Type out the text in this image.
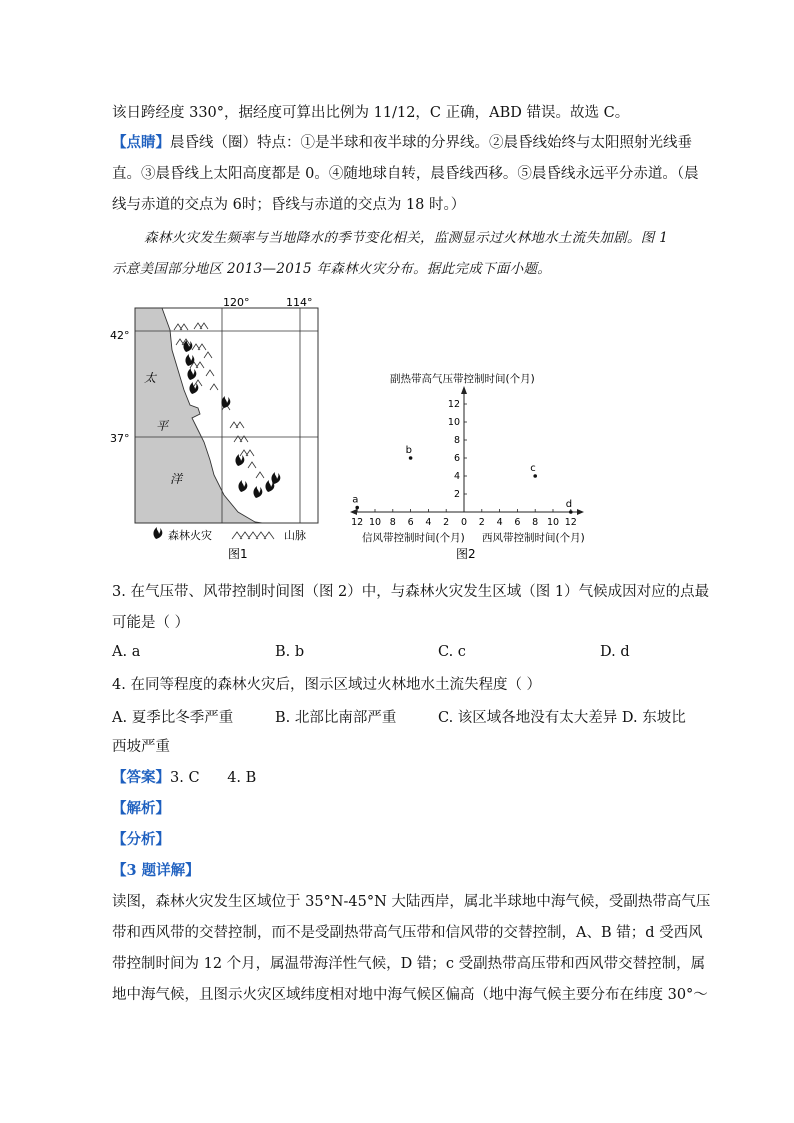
该日跨经度 330°，据经度可算出比例为 11/12，C 正确，ABD 错误。故选 C。
【点睛】晨昏线（圈）特点：①是半球和夜半球的分界线。②晨昏线始终与太阳照射光线垂
直。③晨昏线上太阳高度都是 0。④随地球自转，晨昏线西移。⑤晨昏线永远平分赤道。（晨
线与赤道的交点为 6时；昏线与赤道的交点为 18 时。）
森林火灾发生频率与当地降水的季节变化相关，监测显示过火林地水土流失加剧。图 1
示意美国部分地区 2013—2015 年森林火灾分布。据此完成下面小题。
120°	114°
42°
37°
太
平
洋
森林火灾	山脉
图1
副热带高气压带控制时间(个月)
12 10 8 6 4 2 0 2 4 6 8 10 12
2
4
6
8
10
12
a
b
c
d
信风带控制时间(个月) 西风带控制时间(个月)
图2
3. 在气压带、风带控制时间图（图 2）中，与森林火灾发生区域（图 1）气候成因对应的点最
可能是（ ）
A. a	B. b	C. c	D. d
4. 在同等程度的森林火灾后，图示区域过火林地水土流失程度（ ）
A. 夏季比冬季严重	B. 北部比南部严重	C. 该区域各地没有太大差异 D. 东坡比
西坡严重
【答案】3. C      4. B
【解析】
【分析】
【3 题详解】
读图，森林火灾发生区域位于 35°N-45°N 大陆西岸，属北半球地中海气候，受副热带高气压
带和西风带的交替控制，而不是受副热带高气压带和信风带的交替控制，A、B 错；d 受西风
带控制时间为 12 个月，属温带海洋性气候，D 错；c 受副热带高压带和西风带交替控制，属
地中海气候，且图示火灾区域纬度相对地中海气候区偏高（地中海气候主要分布在纬度 30°～
